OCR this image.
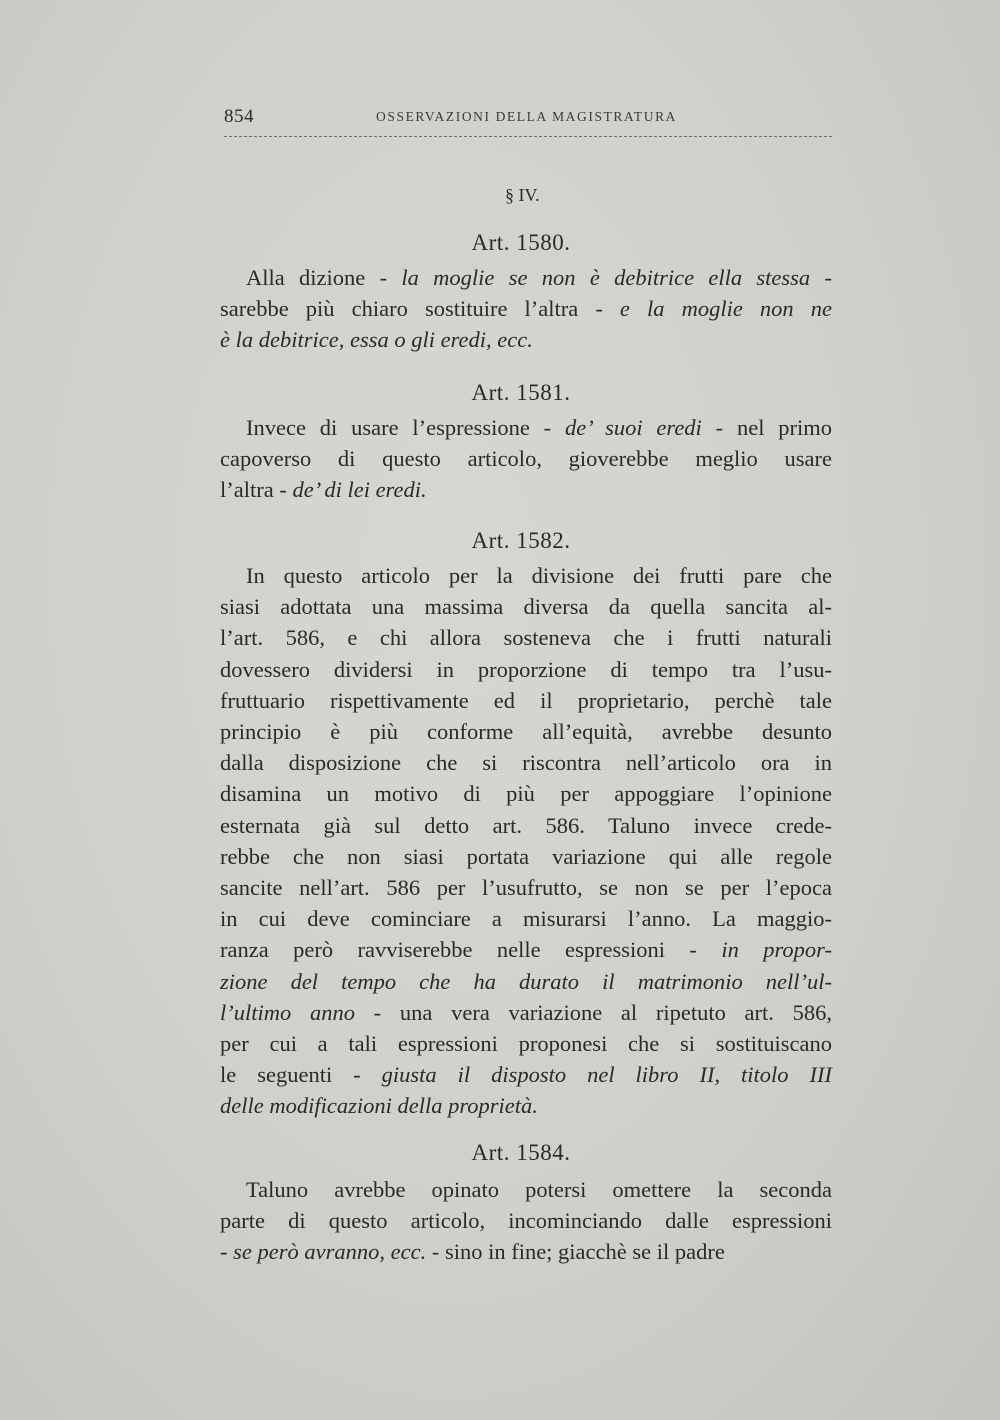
854	OSSERVAZIONI DELLA MAGISTRATURA
§ IV.
Art. 1580.
Alla dizione - la moglie se non è debitrice ella stessa -
sarebbe più chiaro sostituire l’altra - e la moglie non ne
è la debitrice, essa o gli eredi, ecc.
Art. 1581.
Invece di usare l’espressione - de’ suoi eredi - nel primo
capoverso di questo articolo, gioverebbe meglio usare
l’altra - de’ di lei eredi.
Art. 1582.
In questo articolo per la divisione dei frutti pare che
siasi adottata una massima diversa da quella sancita al-
l’art. 586, e chi allora sosteneva che i frutti naturali
dovessero dividersi in proporzione di tempo tra l’usu-
fruttuario rispettivamente ed il proprietario, perchè tale
principio è più conforme all’equità, avrebbe desunto
dalla disposizione che si riscontra nell’articolo ora in
disamina un motivo di più per appoggiare l’opinione
esternata già sul detto art. 586. Taluno invece crede-
rebbe che non siasi portata variazione qui alle regole
sancite nell’art. 586 per l’usufrutto, se non se per l’epoca
in cui deve cominciare a misurarsi l’anno. La maggio-
ranza però ravviserebbe nelle espressioni - in propor-
zione del tempo che ha durato il matrimonio nell’ul-
l’ultimo anno - una vera variazione al ripetuto art. 586,
per cui a tali espressioni proponesi che si sostituiscano
le seguenti - giusta il disposto nel libro II, titolo III
delle modificazioni della proprietà.
Art. 1584.
Taluno avrebbe opinato potersi omettere la seconda
parte di questo articolo, incominciando dalle espressioni
- se però avranno, ecc. - sino in fine; giacchè se il padre
